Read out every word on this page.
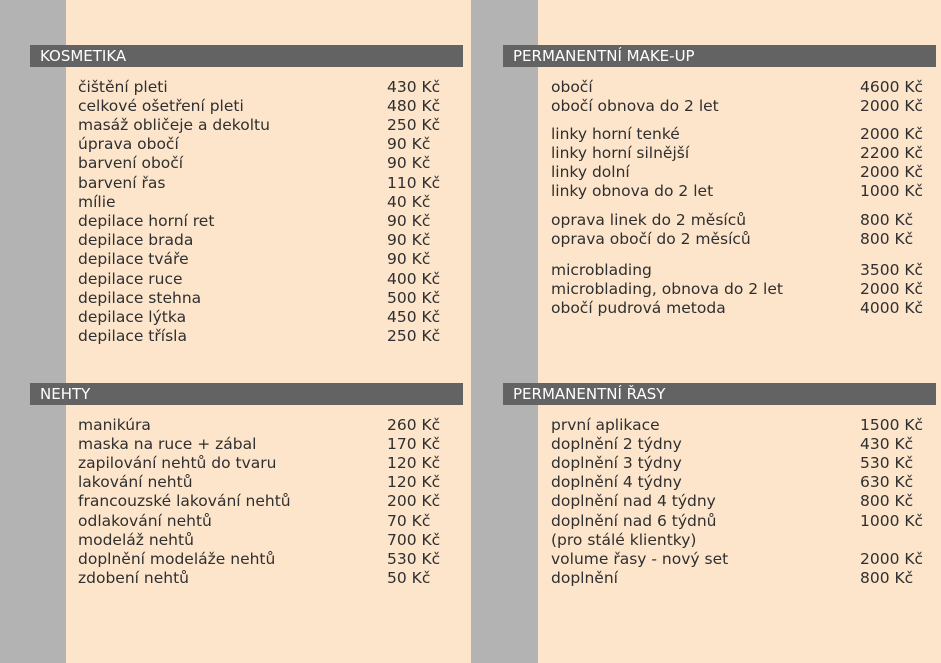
KOSMETIKA
čištění pleti	430 Kč
celkové ošetření pleti	480 Kč
masáž obličeje a dekoltu	250 Kč
úprava obočí	90 Kč
barvení obočí	90 Kč
barvení řas	110 Kč
mílie	40 Kč
depilace horní ret	90 Kč
depilace brada	90 Kč
depilace tváře	90 Kč
depilace ruce	400 Kč
depilace stehna	500 Kč
depilace lýtka	450 Kč
depilace třísla	250 Kč
NEHTY
manikúra	260 Kč
maska na ruce + zábal	170 Kč
zapilování nehtů do tvaru	120 Kč
lakování nehtů	120 Kč
francouzské lakování nehtů	200 Kč
odlakování nehtů	70 Kč
modeláž nehtů	700 Kč
doplnění modeláže nehtů	530 Kč
zdobení nehtů	50 Kč
PERMANENTNÍ MAKE-UP
obočí	4600 Kč
obočí obnova do 2 let	2000 Kč
linky horní tenké	2000 Kč
linky horní silnější	2200 Kč
linky dolní	2000 Kč
linky obnova do 2 let	1000 Kč
oprava linek do 2 měsíců	800 Kč
oprava obočí do 2 měsíců	800 Kč
microblading	3500 Kč
microblading, obnova do 2 let	2000 Kč
obočí pudrová metoda	4000 Kč
PERMANENTNÍ ŘASY
první aplikace	1500 Kč
doplnění 2 týdny	430 Kč
doplnění 3 týdny	530 Kč
doplnění 4 týdny	630 Kč
doplnění nad 4 týdny	800 Kč
doplnění nad 6 týdnů	1000 Kč
(pro stálé klientky)
volume řasy - nový set	2000 Kč
doplnění	800 Kč
